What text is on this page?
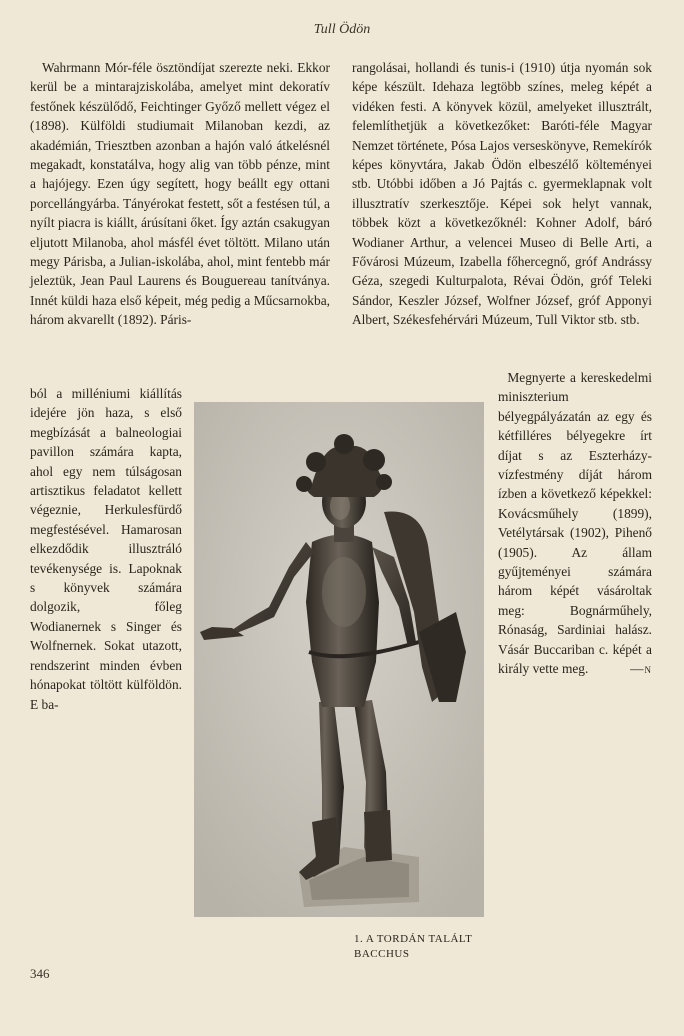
Tull Ödön

Wahrmann Mór-féle ösztöndíjat szerezte neki. Ekkor kerül be a mintarajziskolába, amelyet mint dekoratív festőnek készülődő, Feichtinger Győző mellett végez el (1898). Külföldi studiumait Milanoban kezdi, az akadémián, Triesztben azonban a hajón való átkelésnél megakadt, konstatálva, hogy alig van több pénze, mint a hajójegy. Ezen úgy segített, hogy beállt egy ottani porcellángyárba. Tányérokat festett, sőt a festésen túl, a nyílt piacra is kiállt, árúsítani őket. Így aztán csakugyan eljutott Milanoba, ahol másfél évet töltött. Milano után megy Párisba, a Julian-iskolába, ahol, mint fentebb már jeleztük, Jean Paul Laurens és Bouguereau tanítványa. Innét küldi haza első képeit, még pedig a Műcsarnokba, három akvarellt (1892). Páris-

ból a milléniumi kiállítás idejére jön haza, s első megbízását a balneologiai pavillon számára kapta, ahol egy nem túlságosan artisztikus feladatot kellett végeznie, Herkulesfürdő megfestésével. Hamarosan elkezdődik illusztráló tevékenysége is. Lapoknak s könyvek számára dolgozik, főleg Wodianernek s Singer és Wolfnernek. Sokat utazott, rendszerint minden évben hónapokat töltött külföldön. E ba-

rangolásai, hollandi és tunis-i (1910) útja nyomán sok képe készült. Idehaza legtöbb színes, meleg képét a vidéken festi. A könyvek közül, amelyeket illusztrált, felemlíthetjük a következőket: Baróti-féle Magyar Nemzet története, Pósa Lajos verseskönyve, Remekírók képes könyvtára, Jakab Ödön elbeszélő költeményei stb. Utóbbi időben a Jó Pajtás c. gyermeklapnak volt illusztratív szerkesztője. Képei sok helyt vannak, többek közt a következőknél: Kohner Adolf, báró Wodianer Arthur, a velencei Museo di Belle Arti, a Fővárosi Múzeum, Izabella főhercegnő, gróf Andrássy Géza, szegedi Kulturpalota, Révai Ödön, gróf Teleki Sándor, Keszler József, Wolfner József, gróf Apponyi Albert, Székesfehérvári Múzeum, Tull Viktor stb. stb.

Megnyerte a kereskedelmi miniszterium bélyegpályázatán az egy és kétfilléres bélyegekre írt díjat s az Eszterházy-vízfestmény díját három ízben a következő képekkel: Kovácsműhely (1899), Vetélytársak (1902), Pihenő (1905). Az állam gyűjteményei számára három képét vásároltak meg: Bognárműhely, Rónaság, Sardiniai halász. Vásár Buccariban c. képét a király vette meg.	—n

1. A TORDÁN TALÁLT
BACCHUS
346
